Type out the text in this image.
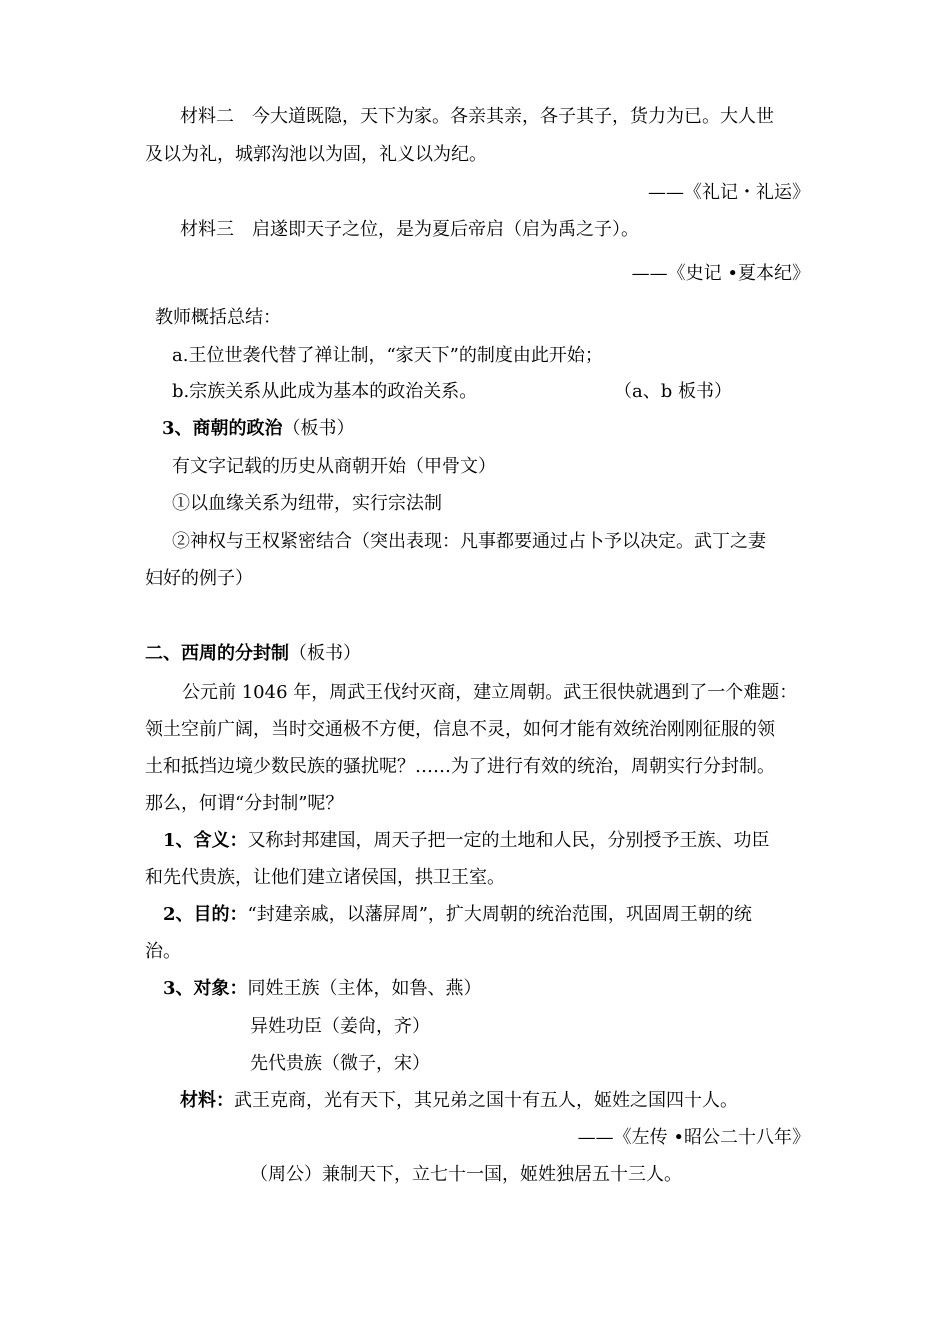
材料二 今大道既隐，天下为家。各亲其亲，各子其子，货力为已。大人世
及以为礼，城郭沟池以为固，礼义以为纪。
——《礼记・礼运》
材料三 启遂即天子之位，是为夏后帝启（启为禹之子）。
——《史记 •夏本纪》
教师概括总结：
a.王位世袭代替了禅让制，“家天下”的制度由此开始；
b.宗族关系从此成为基本的政治关系。	（a、b 板书）
3、商朝的政治（板书）
有文字记载的历史从商朝开始（甲骨文）
①以血缘关系为纽带，实行宗法制
②神权与王权紧密结合（突出表现：凡事都要通过占卜予以决定。武丁之妻
妇好的例子）
二、西周的分封制（板书）
公元前 1046 年，周武王伐纣灭商，建立周朝。武王很快就遇到了一个难题：
领土空前广阔，当时交通极不方便，信息不灵，如何才能有效统治刚刚征服的领
土和抵挡边境少数民族的骚扰呢？……为了进行有效的统治，周朝实行分封制。
那么，何谓“分封制”呢？
1、含义：又称封邦建国，周天子把一定的土地和人民，分别授予王族、功臣
和先代贵族，让他们建立诸侯国，拱卫王室。
2、目的：“封建亲戚，以藩屏周”，扩大周朝的统治范围，巩固周王朝的统
治。
3、对象：同姓王族（主体，如鲁、燕）
异姓功臣（姜尙，齐）
先代贵族（微子，宋）
材料：武王克商，光有天下，其兄弟之国十有五人，姬姓之国四十人。
——《左传 •昭公二十八年》
（周公）兼制天下，立七十一国，姬姓独居五十三人。
